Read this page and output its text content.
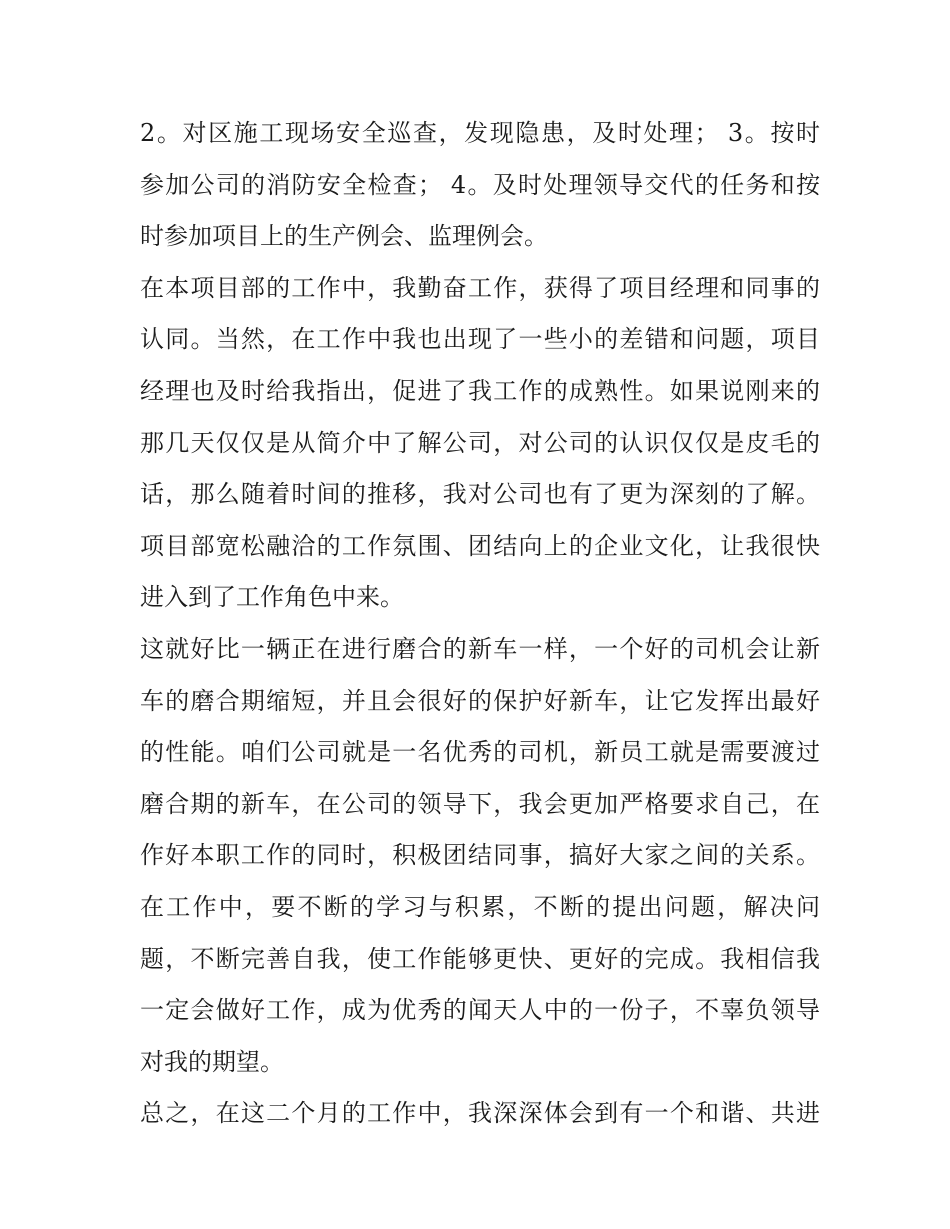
2。对区施工现场安全巡查，发现隐患，及时处理； 3。按时
参加公司的消防安全检查； 4。及时处理领导交代的任务和按
时参加项目上的生产例会、监理例会。
在本项目部的工作中，我勤奋工作，获得了项目经理和同事的
认同。当然，在工作中我也出现了一些小的差错和问题，项目
经理也及时给我指出，促进了我工作的成熟性。如果说刚来的
那几天仅仅是从简介中了解公司，对公司的认识仅仅是皮毛的
话，那么随着时间的推移，我对公司也有了更为深刻的了解。
项目部宽松融洽的工作氛围、团结向上的企业文化，让我很快
进入到了工作角色中来。
这就好比一辆正在进行磨合的新车一样，一个好的司机会让新
车的磨合期缩短，并且会很好的保护好新车，让它发挥出最好
的性能。咱们公司就是一名优秀的司机，新员工就是需要渡过
磨合期的新车，在公司的领导下，我会更加严格要求自己，在
作好本职工作的同时，积极团结同事，搞好大家之间的关系。
在工作中，要不断的学习与积累，不断的提出问题，解决问
题，不断完善自我，使工作能够更快、更好的完成。我相信我
一定会做好工作，成为优秀的闻天人中的一份子，不辜负领导
对我的期望。
总之，在这二个月的工作中，我深深体会到有一个和谐、共进
